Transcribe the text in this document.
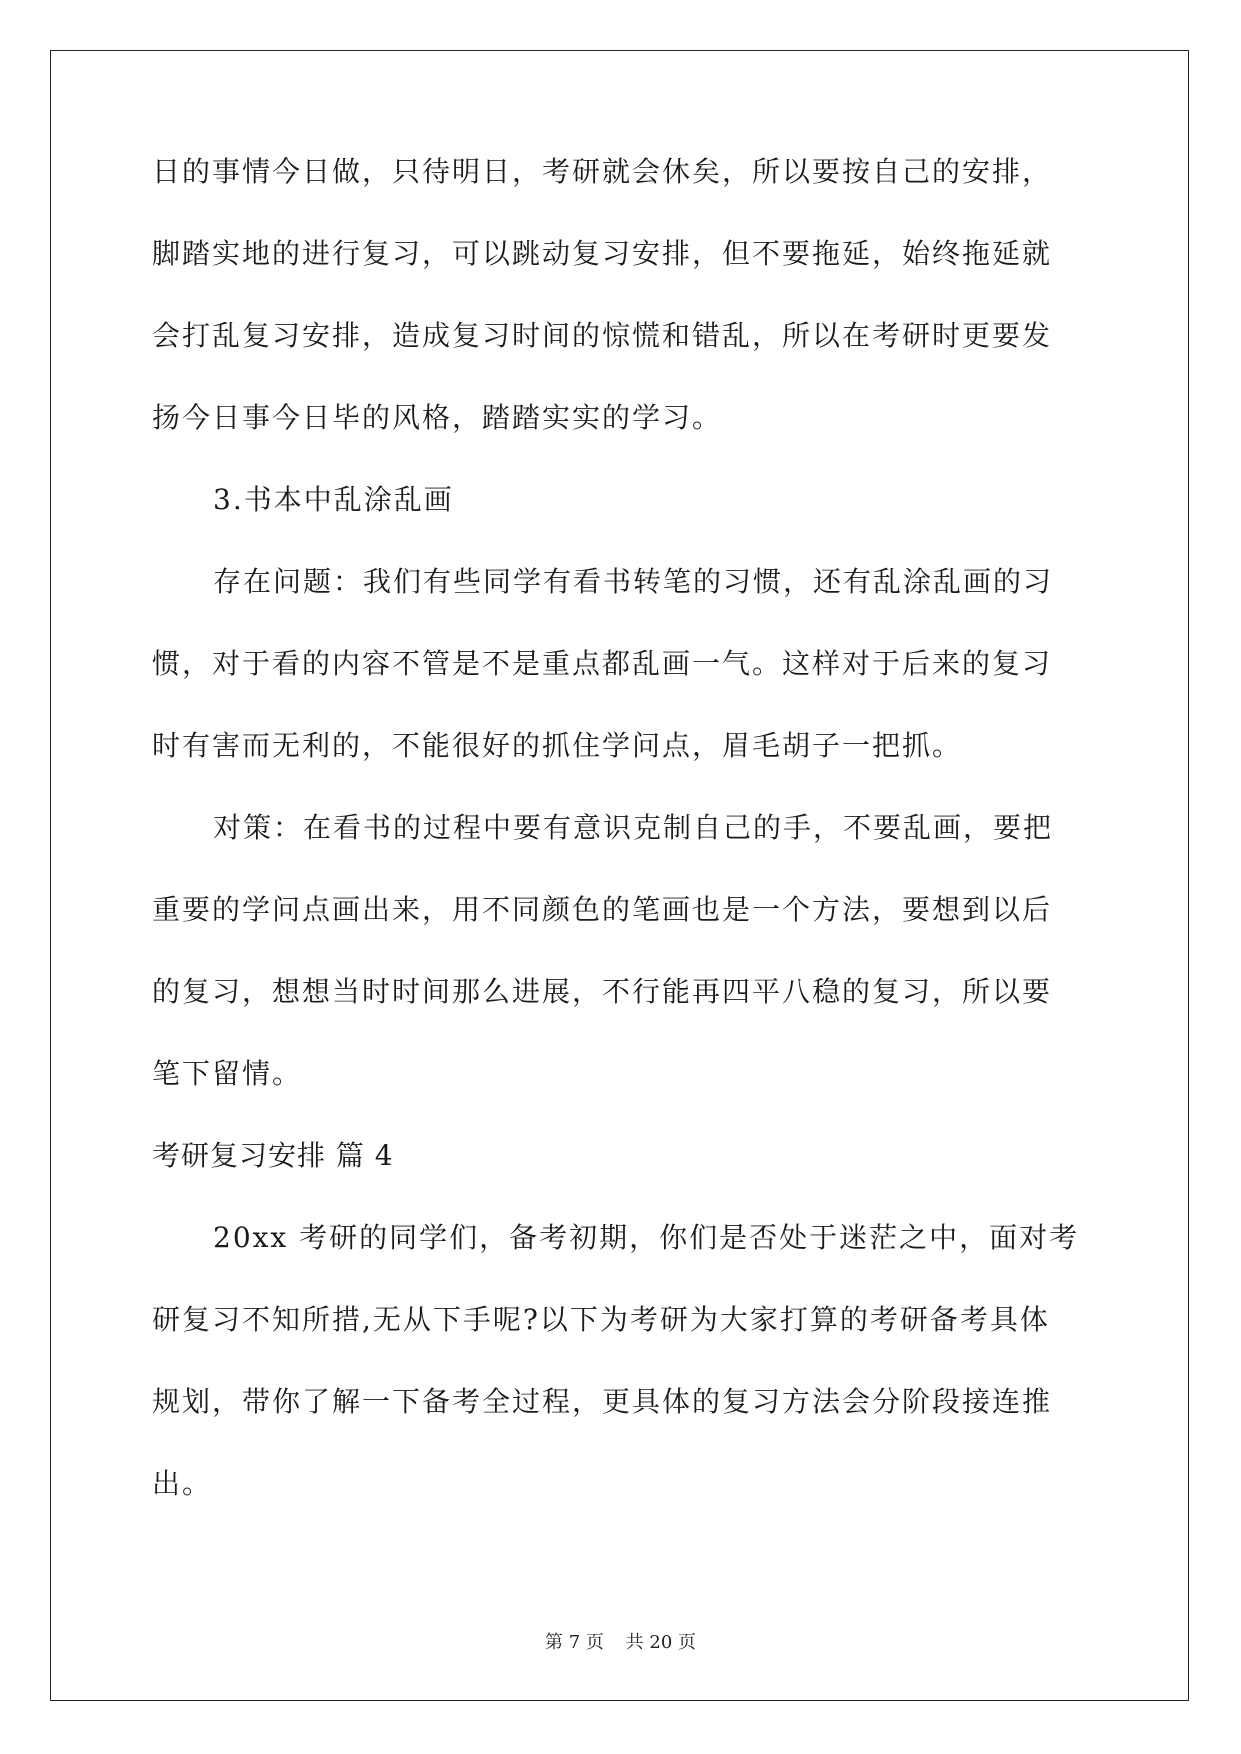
日的事情今日做，只待明日，考研就会休矣，所以要按自己的安排，

脚踏实地的进行复习，可以跳动复习安排，但不要拖延，始终拖延就

会打乱复习安排，造成复习时间的惊慌和错乱，所以在考研时更要发

扬今日事今日毕的风格，踏踏实实的学习。

3.书本中乱涂乱画

存在问题：我们有些同学有看书转笔的习惯，还有乱涂乱画的习

惯，对于看的内容不管是不是重点都乱画一气。这样对于后来的复习

时有害而无利的，不能很好的抓住学问点，眉毛胡子一把抓。

对策：在看书的过程中要有意识克制自己的手，不要乱画，要把

重要的学问点画出来，用不同颜色的笔画也是一个方法，要想到以后

的复习，想想当时时间那么进展，不行能再四平八稳的复习，所以要

笔下留情。

考研复习安排 篇 4

20xx 考研的同学们，备考初期，你们是否处于迷茫之中，面对考

研复习不知所措,无从下手呢?以下为考研为大家打算的考研备考具体

规划，带你了解一下备考全过程，更具体的复习方法会分阶段接连推

出。

第 7 页 共 20 页
